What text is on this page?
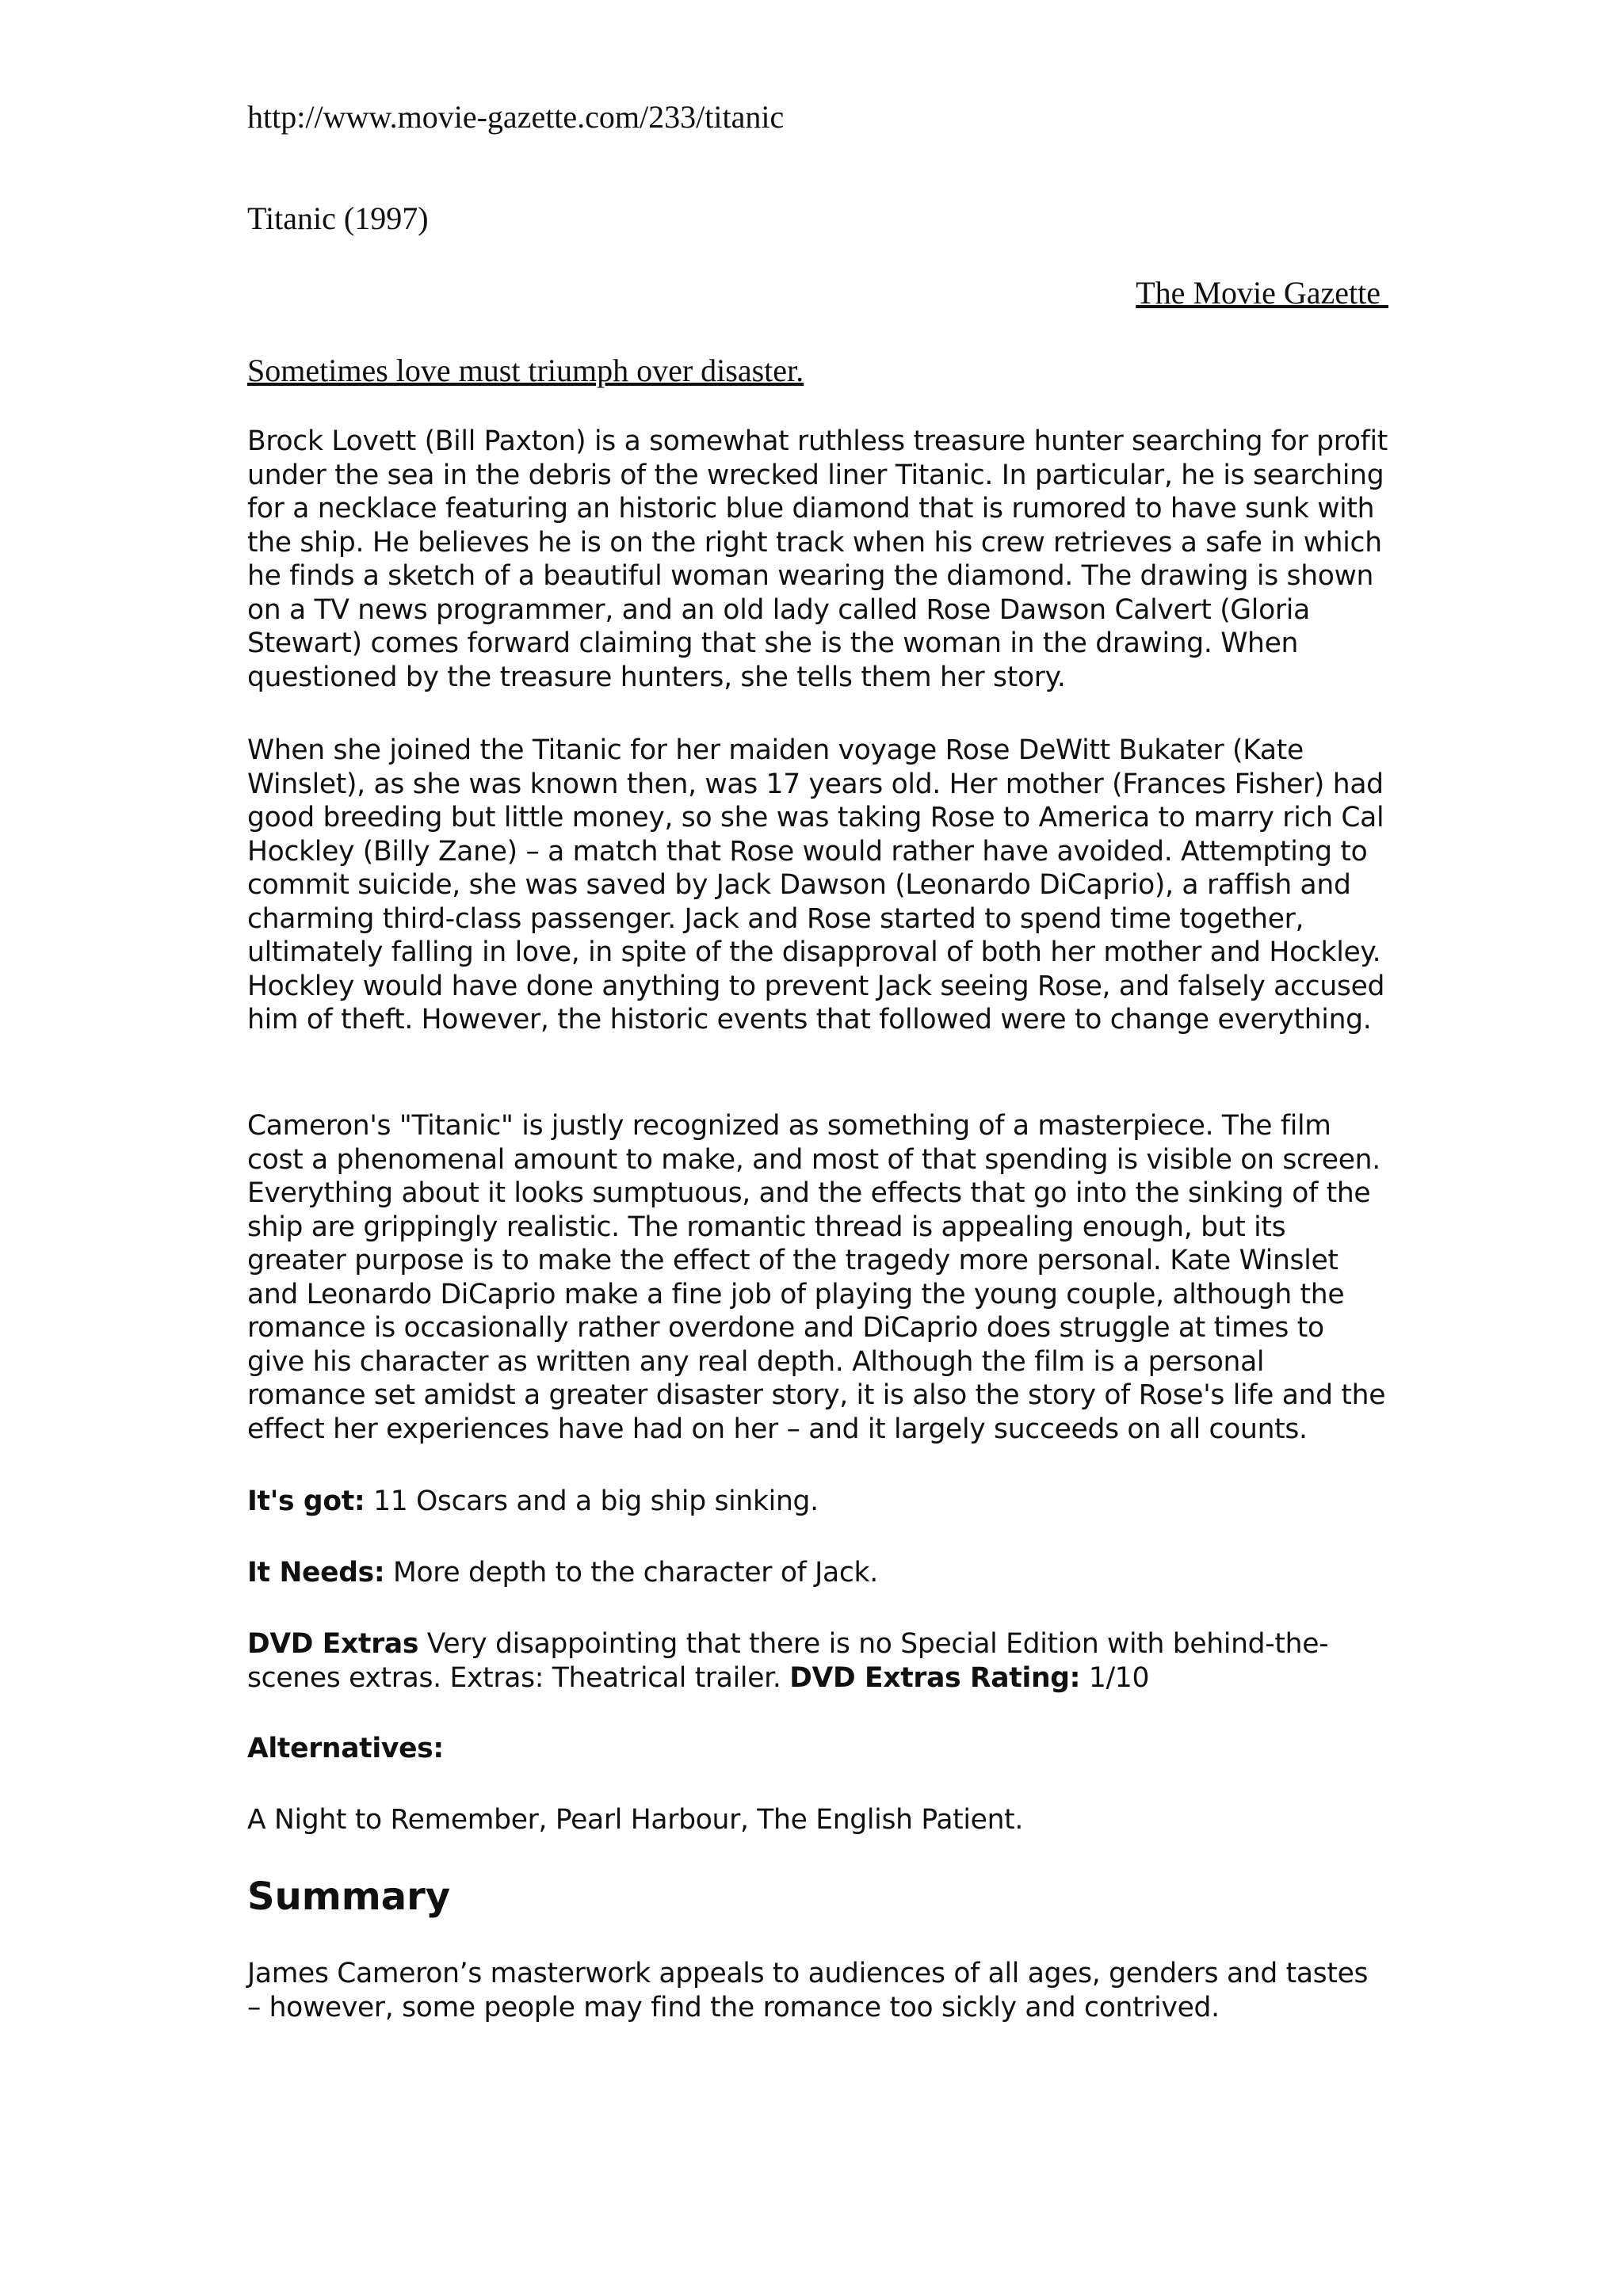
http://www.movie-gazette.com/233/titanic
Titanic (1997)
The Movie Gazette
Sometimes love must triumph over disaster.
Brock Lovett (Bill Paxton) is a somewhat ruthless treasure hunter searching for profit under the sea in the debris of the wrecked liner Titanic. In particular, he is searching for a necklace featuring an historic blue diamond that is rumored to have sunk with the ship. He believes he is on the right track when his crew retrieves a safe in which he finds a sketch of a beautiful woman wearing the diamond. The drawing is shown on a TV news programmer, and an old lady called Rose Dawson Calvert (Gloria Stewart) comes forward claiming that she is the woman in the drawing. When questioned by the treasure hunters, she tells them her story.
When she joined the Titanic for her maiden voyage Rose DeWitt Bukater (Kate Winslet), as she was known then, was 17 years old. Her mother (Frances Fisher) had good breeding but little money, so she was taking Rose to America to marry rich Cal Hockley (Billy Zane) – a match that Rose would rather have avoided. Attempting to commit suicide, she was saved by Jack Dawson (Leonardo DiCaprio), a raffish and charming third-class passenger. Jack and Rose started to spend time together, ultimately falling in love, in spite of the disapproval of both her mother and Hockley. Hockley would have done anything to prevent Jack seeing Rose, and falsely accused him of theft. However, the historic events that followed were to change everything.
Cameron's "Titanic" is justly recognized as something of a masterpiece. The film cost a phenomenal amount to make, and most of that spending is visible on screen. Everything about it looks sumptuous, and the effects that go into the sinking of the ship are grippingly realistic. The romantic thread is appealing enough, but its greater purpose is to make the effect of the tragedy more personal. Kate Winslet and Leonardo DiCaprio make a fine job of playing the young couple, although the romance is occasionally rather overdone and DiCaprio does struggle at times to give his character as written any real depth. Although the film is a personal romance set amidst a greater disaster story, it is also the story of Rose's life and the effect her experiences have had on her – and it largely succeeds on all counts.
It's got: 11 Oscars and a big ship sinking.
It Needs: More depth to the character of Jack.
DVD Extras Very disappointing that there is no Special Edition with behind-the-scenes extras. Extras: Theatrical trailer. DVD Extras Rating: 1/10
Alternatives:
A Night to Remember, Pearl Harbour, The English Patient.
Summary
James Cameron’s masterwork appeals to audiences of all ages, genders and tastes – however, some people may find the romance too sickly and contrived.
